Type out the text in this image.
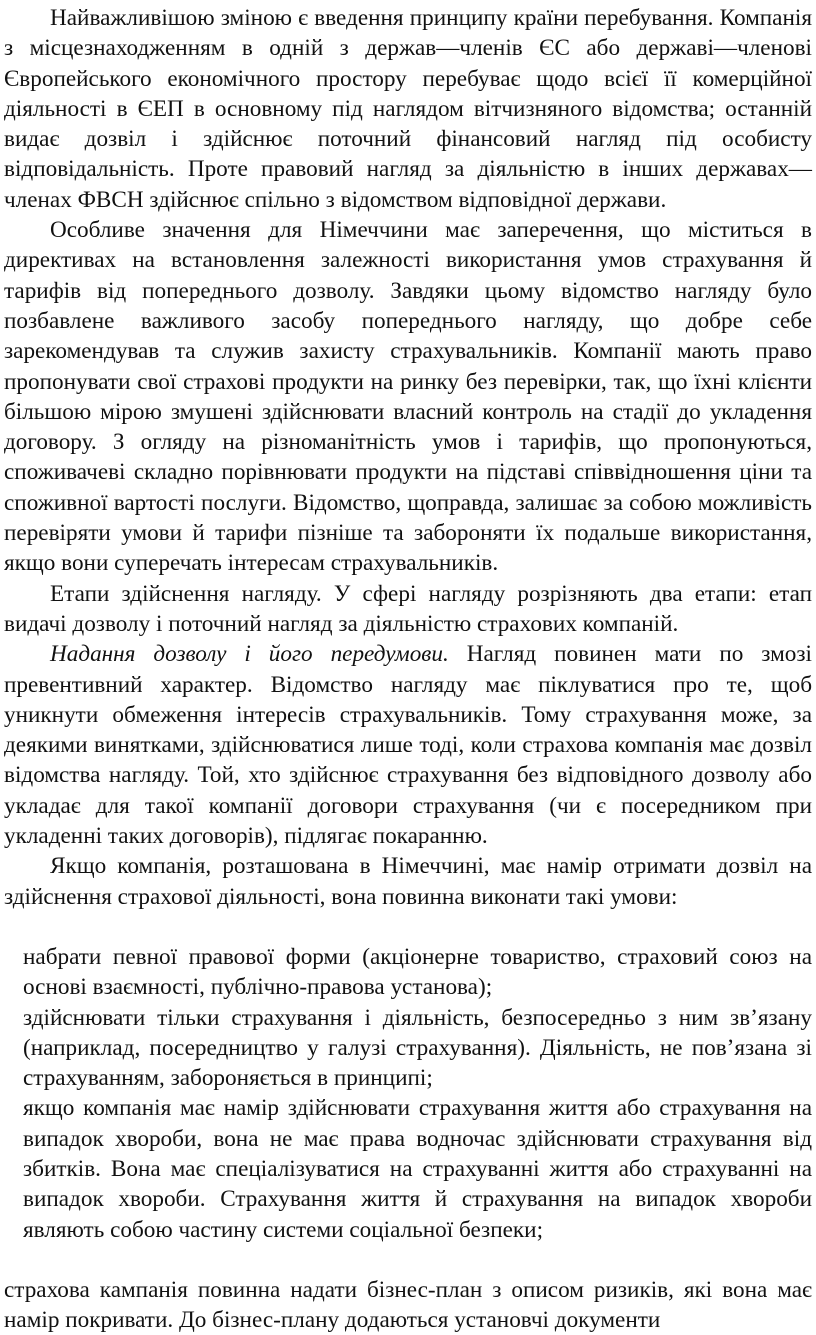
Найважливішою зміною є введення принципу країни перебування. Компанія з місцезнаходженням в одній з держав—членів ЄС або державі—членові Європейського економічного простору перебуває щодо всієї її комерційної діяльності в ЄЕП в основному під наглядом вітчизняного відомства; останній видає дозвіл і здійснює поточний фінансовий нагляд під особисту відповідальність. Проте правовий нагляд за діяльністю в інших державах—членах ФВСН здійснює спільно з відомством відповідної держави.

Особливе значення для Німеччини має заперечення, що міститься в директивах на встановлення залежності використання умов страхування й тарифів від попереднього дозволу. Завдяки цьому відомство нагляду було позбавлене важливого засобу попереднього нагляду, що добре себе зарекомендував та служив захисту страхувальників. Компанії мають право пропонувати свої страхові продукти на ринку без перевірки, так, що їхні клієнти більшою мірою змушені здійснювати власний контроль на стадії до укладення договору. З огляду на різноманітність умов і тарифів, що пропонуються, споживачеві складно порівнювати продукти на підставі співвідношення ціни та споживної вартості послуги. Відомство, щоправда, залишає за собою можливість перевіряти умови й тарифи пізніше та забороняти їх подальше використання, якщо вони суперечать інтересам страхувальників.

Етапи здійснення нагляду. У сфері нагляду розрізняють два етапи: етап видачі дозволу і поточний нагляд за діяльністю страхових компаній.

Надання дозволу і його передумови. Нагляд повинен мати по змозі превентивний характер. Відомство нагляду має піклуватися про те, щоб уникнути обмеження інтересів страхувальників. Тому страхування може, за деякими винятками, здійснюватися лише тоді, коли страхова компанія має дозвіл відомства нагляду. Той, хто здійснює страхування без відповідного дозволу або укладає для такої компанії договори страхування (чи є посередником при укладенні таких договорів), підлягає покаранню.

Якщо компанія, розташована в Німеччині, має намір отримати дозвіл на здійснення страхової діяльності, вона повинна виконати такі умови:

набрати певної правової форми (акціонерне товариство, страховий союз на основі взаємності, публічно-правова установа);
здійснювати тільки страхування і діяльність, безпосередньо з ним зв’язану (наприклад, посередництво у галузі страхування). Діяльність, не пов’язана зі страхуванням, забороняється в принципі;
якщо компанія має намір здійснювати страхування життя або страхування на випадок хвороби, вона не має права водночас здійснювати страхування від збитків. Вона має спеціалізуватися на страхуванні життя або страхуванні на випадок хвороби. Страхування життя й страхування на випадок хвороби являють собою частину системи соціальної безпеки;

страхова кампанія повинна надати бізнес-план з описом ризиків, які вона має намір покривати. До бізнес-плану додаються установчі документи
